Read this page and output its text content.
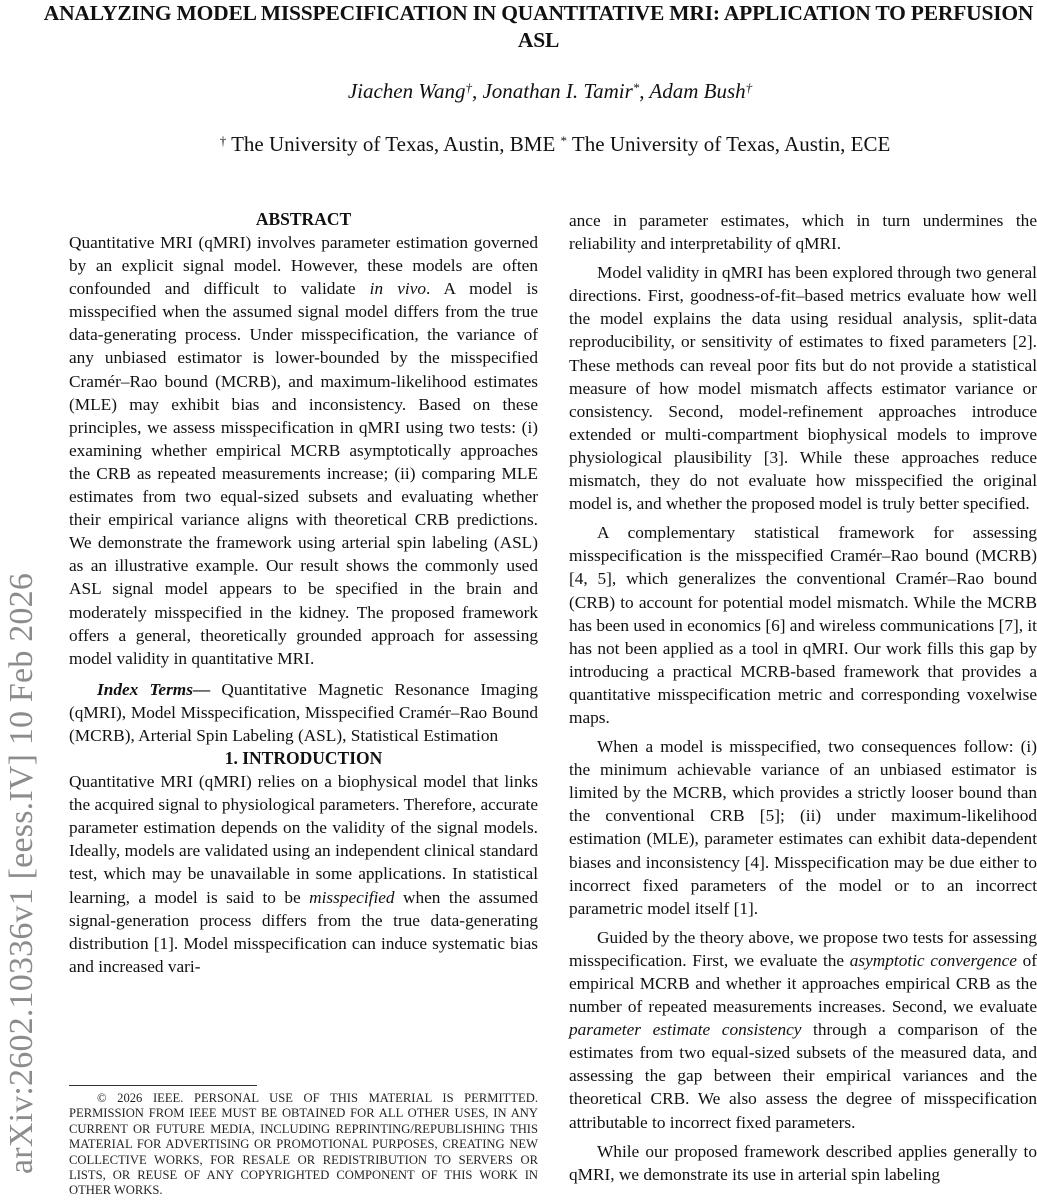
ANALYZING MODEL MISSPECIFICATION IN QUANTITATIVE MRI: APPLICATION TO PERFUSION ASL
Jiachen Wang†, Jonathan I. Tamir*, Adam Bush†
† The University of Texas, Austin, BME * The University of Texas, Austin, ECE
arXiv:2602.10336v1 [eess.IV] 10 Feb 2026

ABSTRACT

Quantitative MRI (qMRI) involves parameter estimation governed by an explicit signal model. However, these models are often confounded and difficult to validate in vivo. A model is misspecified when the assumed signal model differs from the true data-generating process. Under misspecification, the variance of any unbiased estimator is lower-bounded by the misspecified Cramér–Rao bound (MCRB), and maximum-likelihood estimates (MLE) may exhibit bias and inconsistency. Based on these principles, we assess misspecification in qMRI using two tests: (i) examining whether empirical MCRB asymptotically approaches the CRB as repeated measurements increase; (ii) comparing MLE estimates from two equal-sized subsets and evaluating whether their empirical variance aligns with theoretical CRB predictions. We demonstrate the framework using arterial spin labeling (ASL) as an illustrative example. Our result shows the commonly used ASL signal model appears to be specified in the brain and moderately misspecified in the kidney. The proposed framework offers a general, theoretically grounded approach for assessing model validity in quantitative MRI.

Index Terms— Quantitative Magnetic Resonance Imaging (qMRI), Model Misspecification, Misspecified Cramér–Rao Bound (MCRB), Arterial Spin Labeling (ASL), Statistical Estimation

1. INTRODUCTION

Quantitative MRI (qMRI) relies on a biophysical model that links the acquired signal to physiological parameters. Therefore, accurate parameter estimation depends on the validity of the signal models. Ideally, models are validated using an independent clinical standard test, which may be unavailable in some applications. In statistical learning, a model is said to be misspecified when the assumed signal-generation process differs from the true data-generating distribution [1]. Model misspecification can induce systematic bias and increased vari-

© 2026 IEEE. PERSONAL USE OF THIS MATERIAL IS PERMITTED. PERMISSION FROM IEEE MUST BE OBTAINED FOR ALL OTHER USES, IN ANY CURRENT OR FUTURE MEDIA, INCLUDING REPRINTING/REPUBLISHING THIS MATERIAL FOR ADVERTISING OR PROMOTIONAL PURPOSES, CREATING NEW COLLECTIVE WORKS, FOR RESALE OR REDISTRIBUTION TO SERVERS OR LISTS, OR REUSE OF ANY COPYRIGHTED COMPONENT OF THIS WORK IN OTHER WORKS.

ance in parameter estimates, which in turn undermines the reliability and interpretability of qMRI.

Model validity in qMRI has been explored through two general directions. First, goodness-of-fit–based metrics evaluate how well the model explains the data using residual analysis, split-data reproducibility, or sensitivity of estimates to fixed parameters [2]. These methods can reveal poor fits but do not provide a statistical measure of how model mismatch affects estimator variance or consistency. Second, model-refinement approaches introduce extended or multi-compartment biophysical models to improve physiological plausibility [3]. While these approaches reduce mismatch, they do not evaluate how misspecified the original model is, and whether the proposed model is truly better specified.

A complementary statistical framework for assessing misspecification is the misspecified Cramér–Rao bound (MCRB) [4, 5], which generalizes the conventional Cramér–Rao bound (CRB) to account for potential model mismatch. While the MCRB has been used in economics [6] and wireless communications [7], it has not been applied as a tool in qMRI. Our work fills this gap by introducing a practical MCRB-based framework that provides a quantitative misspecification metric and corresponding voxelwise maps.

When a model is misspecified, two consequences follow: (i) the minimum achievable variance of an unbiased estimator is limited by the MCRB, which provides a strictly looser bound than the conventional CRB [5]; (ii) under maximum-likelihood estimation (MLE), parameter estimates can exhibit data-dependent biases and inconsistency [4]. Misspecification may be due either to incorrect fixed parameters of the model or to an incorrect parametric model itself [1].

Guided by the theory above, we propose two tests for assessing misspecification. First, we evaluate the asymptotic convergence of empirical MCRB and whether it approaches empirical CRB as the number of repeated measurements increases. Second, we evaluate parameter estimate consistency through a comparison of the estimates from two equal-sized subsets of the measured data, and assessing the gap between their empirical variances and the theoretical CRB. We also assess the degree of misspecification attributable to incorrect fixed parameters.

While our proposed framework described applies generally to qMRI, we demonstrate its use in arterial spin labeling
